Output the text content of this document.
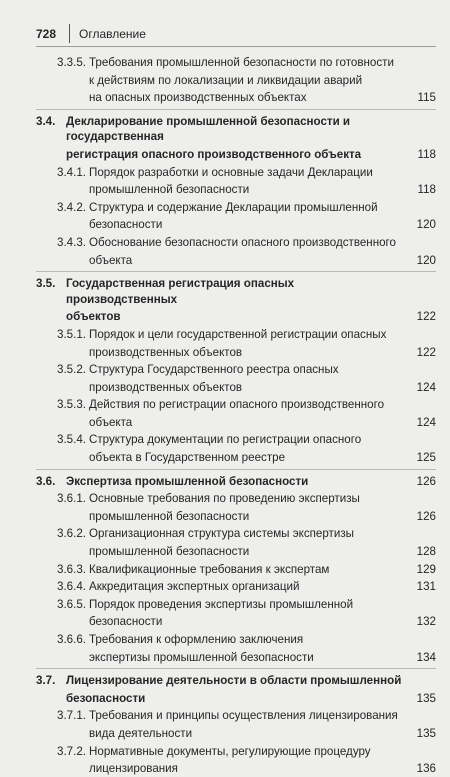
728 Оглавление
3.3.5. Требования промышленной безопасности по готовности
к действиям по локализации и ликвидации аварий
на опасных производственных объектах	115
3.4. Декларирование промышленной безопасности и государственная
регистрация опасного производственного объекта	118
3.4.1. Порядок разработки и основные задачи Декларации
промышленной безопасности	118
3.4.2. Структура и содержание Декларации промышленной
безопасности	120
3.4.3. Обоснование безопасности опасного производственного
объекта	120
3.5. Государственная регистрация опасных производственных
объектов	122
3.5.1. Порядок и цели государственной регистрации опасных
производственных объектов	122
3.5.2. Структура Государственного реестра опасных
производственных объектов	124
3.5.3. Действия по регистрации опасного производственного
объекта	124
3.5.4. Структура документации по регистрации опасного
объекта в Государственном реестре	125
3.6. Экспертиза промышленной безопасности	126
3.6.1. Основные требования по проведению экспертизы
промышленной безопасности	126
3.6.2. Организационная структура системы экспертизы
промышленной безопасности	128
3.6.3. Квалификационные требования к экспертам	129
3.6.4. Аккредитация экспертных организаций	131
3.6.5. Порядок проведения экспертизы промышленной
безопасности	132
3.6.6. Требования к оформлению заключения
экспертизы промышленной безопасности	134
3.7. Лицензирование деятельности в области промышленной
безопасности	135
3.7.1. Требования и принципы осуществления лицензирования
вида деятельности	135
3.7.2. Нормативные документы, регулирующие процедуру
лицензирования	136
